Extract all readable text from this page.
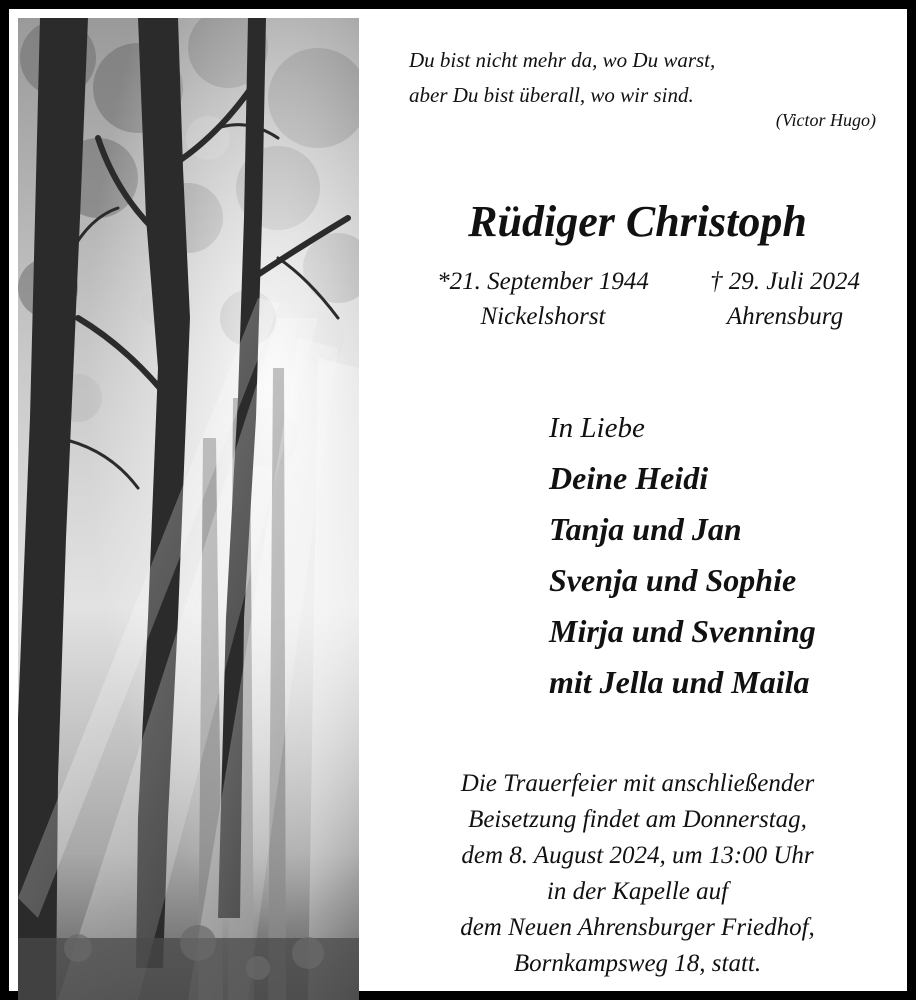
Du bist nicht mehr da, wo Du warst,
aber Du bist überall, wo wir sind.
(Victor Hugo)
Rüdiger Christoph
*21. September 1944
Nickelshorst
† 29. Juli 2024
Ahrensburg
In Liebe
Deine Heidi
Tanja und Jan
Svenja und Sophie
Mirja und Svenning
mit Jella und Maila
Die Trauerfeier mit anschließender
Beisetzung findet am Donnerstag,
dem 8. August 2024, um 13:00 Uhr
in der Kapelle auf
dem Neuen Ahrensburger Friedhof,
Bornkampsweg 18, statt.
